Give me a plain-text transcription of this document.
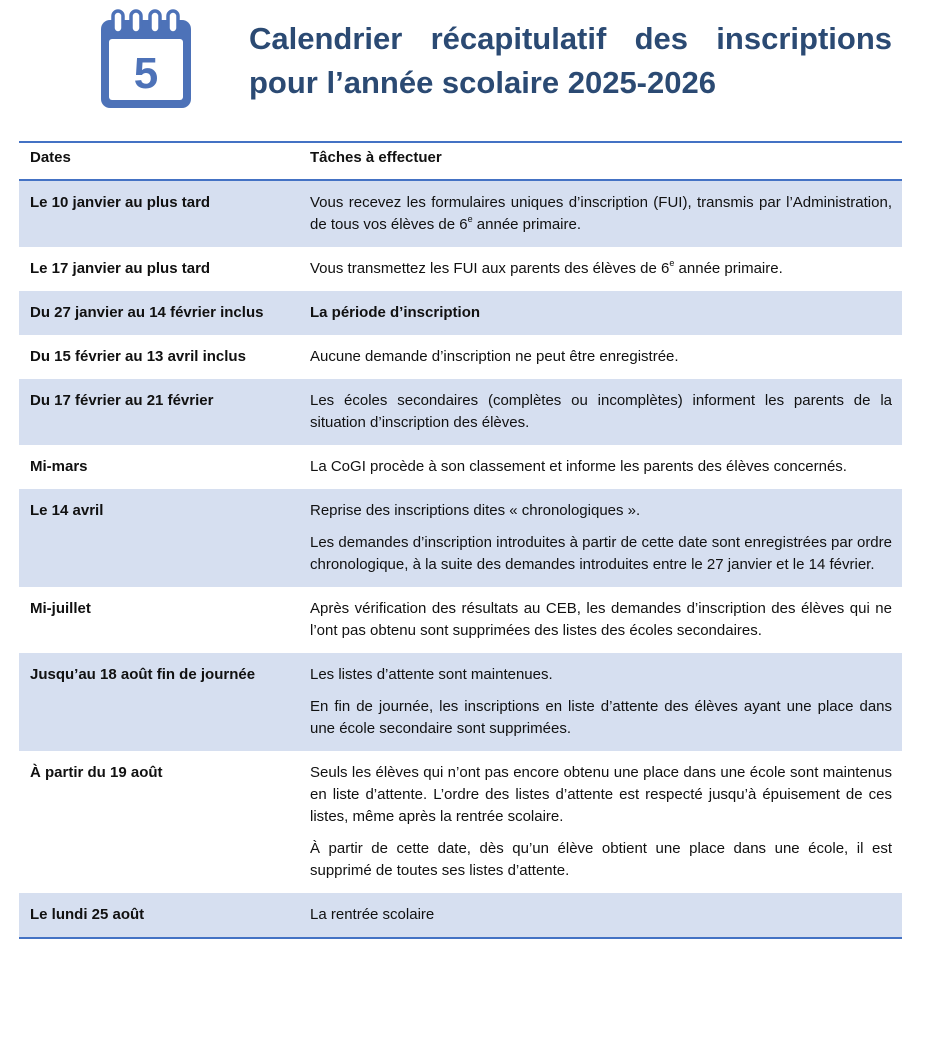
5
Calendrier récapitulatif des inscriptions pour l’année scolaire 2025-2026
Dates	Tâches à effectuer
Le 10 janvier au plus tard	Vous recevez les formulaires uniques d’inscription (FUI), transmis par l’Administration, de tous vos élèves de 6e année primaire.

Le 17 janvier au plus tard	Vous transmettez les FUI aux parents des élèves de 6e année primaire.

Du 27 janvier au 14 février inclus	La période d’inscription

Du 15 février au 13 avril inclus	Aucune demande d’inscription ne peut être enregistrée.

Du 17 février au 21 février	Les écoles secondaires (complètes ou incomplètes) informent les parents de la situation d’inscription des élèves.

Mi-mars	La CoGI procède à son classement et informe les parents des élèves concernés.

Le 14 avril	Reprise des inscriptions dites « chronologiques ».

Les demandes d’inscription introduites à partir de cette date sont enregistrées par ordre chronologique, à la suite des demandes introduites entre le 27 janvier et le 14 février.

Mi-juillet	Après vérification des résultats au CEB, les demandes d’inscription des élèves qui ne l’ont pas obtenu sont supprimées des listes des écoles secondaires.

Jusqu’au 18 août fin de journée	Les listes d’attente sont maintenues.

En fin de journée, les inscriptions en liste d’attente des élèves ayant une place dans une école secondaire sont supprimées.

À partir du 19 août	Seuls les élèves qui n’ont pas encore obtenu une place dans une école sont maintenus en liste d’attente. L’ordre des listes d’attente est respecté jusqu’à épuisement de ces listes, même après la rentrée scolaire.

À partir de cette date, dès qu’un élève obtient une place dans une école, il est supprimé de toutes ses listes d’attente.

Le lundi 25 août	La rentrée scolaire
